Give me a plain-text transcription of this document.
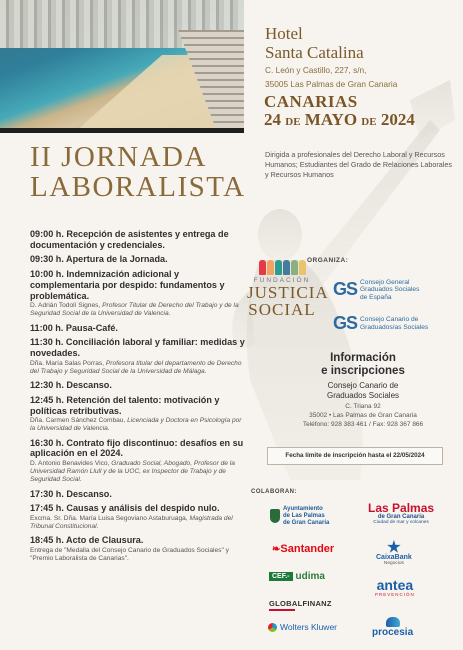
Hotel
Santa Catalina
C. León y Castillo, 227, s/n,
35005 Las Palmas de Gran Canaria
CANARIAS
24 DE MAYO DE 2024
II JORNADA
LABORALISTA
Dirigida a profesionales del Derecho Laboral y Recursos Humanos; Estudiantes del Grado de Relaciones Laborales y Recursos Humanos
09:00 h. Recepción de asistentes y entrega de documentación y credenciales.
09:30 h. Apertura de la Jornada.
10:00 h. Indemnización adicional y complementaria por despido: fundamentos y problemática.
D. Adrián Todolí Signes, Profesor Titular de Derecho del Trabajo y de la Seguridad Social de la Universidad de Valencia.
11:00 h. Pausa-Café.
11:30 h. Conciliación laboral y familiar: medidas y novedades.
Dña. María Salas Porras, Profesora titular del departamento de Derecho del Trabajo y Seguridad Social de la Universidad de Málaga.
12:30 h. Descanso.
12:45 h. Retención del talento: motivación y políticas retributivas.
Dña. Carmen Sánchez Combau, Licenciada y Doctora en Psicología por la Universidad de Valencia.
16:30 h. Contrato fijo discontinuo: desafíos en su aplicación en el 2024.
D. Antonio Benavides Vico, Graduado Social, Abogado, Profesor de la Universidad Ramón Llull y de la UOC, ex Inspector de Trabajo y de Seguridad Social.
17:30 h. Descanso.
17:45 h. Causas y análisis del despido nulo.
Excma. Sr. Dña. María Luisa Segoviano Astaburuaga, Magistrada del Tribunal Constitucional.
18:45 h. Acto de Clausura.
Entrega de "Medalla del Consejo Canario de Graduados Sociales" y "Premio Laboralista de Canarias".
ORGANIZA:
FUNDACIÓN
JUSTICIA
SOCIAL
GS Consejo General
Graduados Sociales
de España
GS Consejo Canario de
Graduados/as Sociales
Información
e inscripciones
Consejo Canario de
Graduados Sociales
C. Triana 92
35002 • Las Palmas de Gran Canaria
Teléfono: 928 383 461 / Fax: 928 367 866
Fecha límite de inscripción hasta el 22/05/2024
COLABORAN:
Ayuntamiento
de Las Palmas
de Gran Canaria
Las Palmas
de Gran Canaria
Ciudad de mar y volcanes
❧Santander
CaixaBank
Negocios
CEF.- udima
antea
PREVENCIÓN
GLOBALFINANZ
Wolters Kluwer	procesia
